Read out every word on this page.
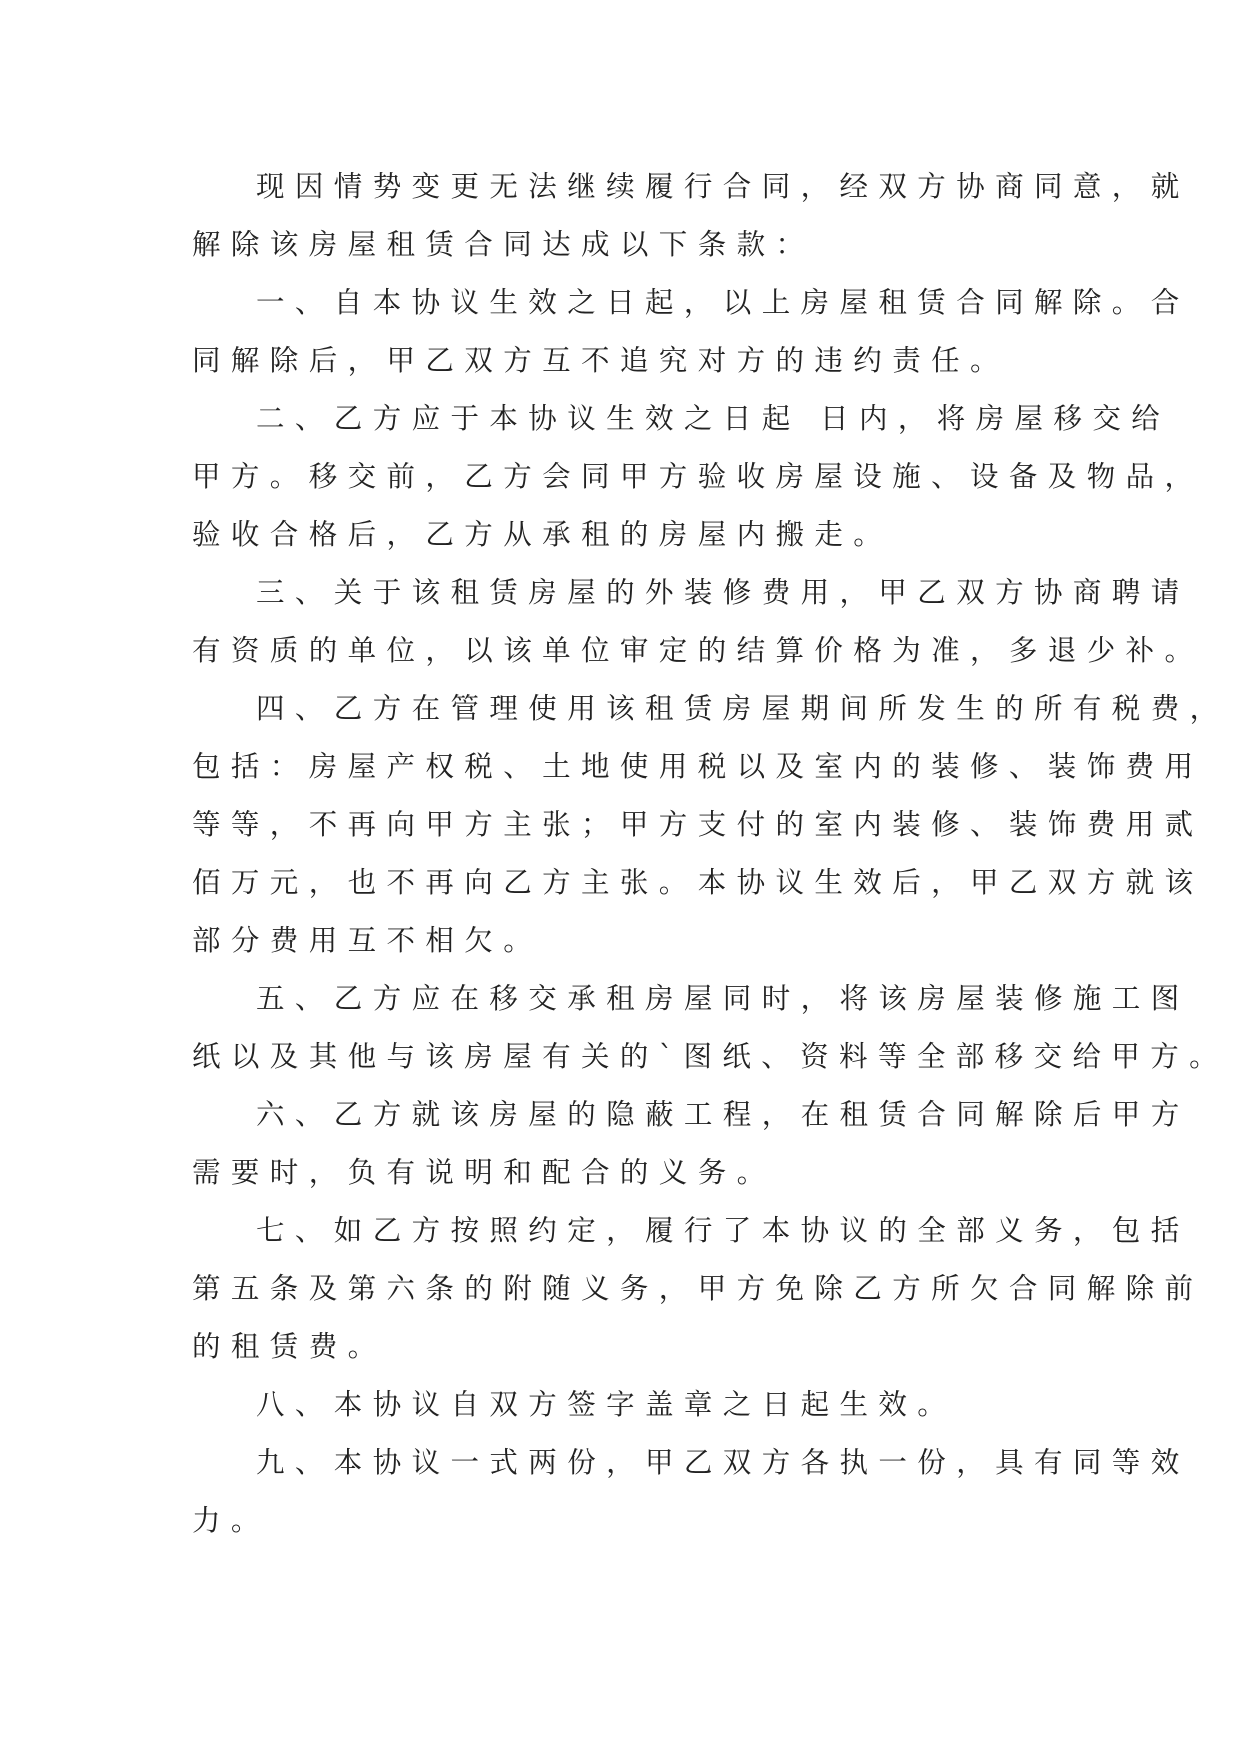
现因情势变更无法继续履行合同，经双方协商同意，就
解除该房屋租赁合同达成以下条款：
一、自本协议生效之日起，以上房屋租赁合同解除。合
同解除后，甲乙双方互不追究对方的违约责任。
二、乙方应于本协议生效之日起 日内，将房屋移交给
甲方。移交前，乙方会同甲方验收房屋设施、设备及物品，
验收合格后，乙方从承租的房屋内搬走。
三、关于该租赁房屋的外装修费用，甲乙双方协商聘请
有资质的单位，以该单位审定的结算价格为准，多退少补。
四、乙方在管理使用该租赁房屋期间所发生的所有税费，
包括：房屋产权税、土地使用税以及室内的装修、装饰费用
等等，不再向甲方主张；甲方支付的室内装修、装饰费用贰
佰万元，也不再向乙方主张。本协议生效后，甲乙双方就该
部分费用互不相欠。
五、乙方应在移交承租房屋同时，将该房屋装修施工图
纸以及其他与该房屋有关的`图纸、资料等全部移交给甲方。
六、乙方就该房屋的隐蔽工程，在租赁合同解除后甲方
需要时，负有说明和配合的义务。
七、如乙方按照约定，履行了本协议的全部义务，包括
第五条及第六条的附随义务，甲方免除乙方所欠合同解除前
的租赁费。
八、本协议自双方签字盖章之日起生效。
九、本协议一式两份，甲乙双方各执一份，具有同等效
力。
